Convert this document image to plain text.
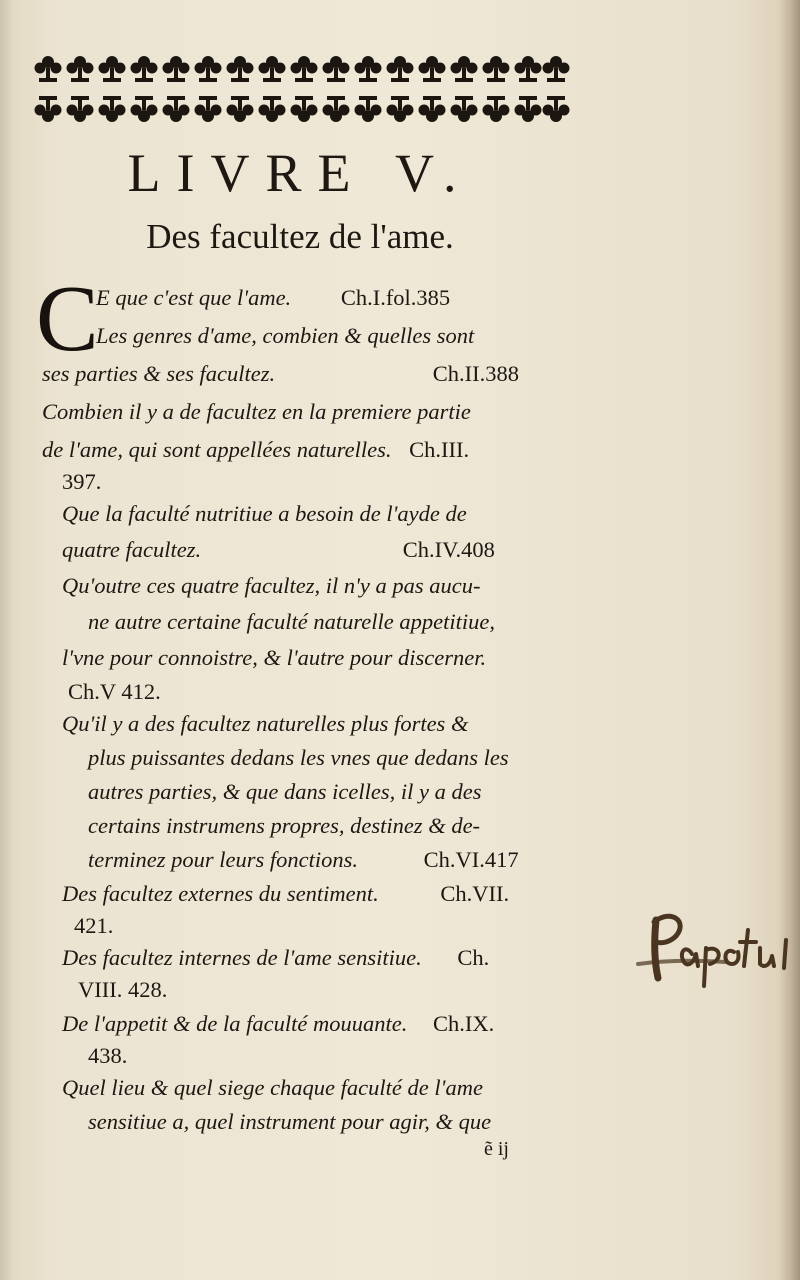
LIVRE V.
Des facultez de l'ame.
C
E que c'est que l'ame. Ch.I.fol.385
Les genres d'ame, combien & quelles sont
ses parties & ses facultez.	Ch.II.388
Combien il y a de facultez en la premiere partie
de l'ame, qui sont appellées naturelles. Ch.III.
397.
Que la faculté nutritiue a besoin de l'ayde de
quatre facultez.	Ch.IV.408
Qu'outre ces quatre facultez, il n'y a pas aucu-
ne autre certaine faculté naturelle appetitiue,
l'vne pour connoistre, & l'autre pour discerner.
Ch.V 412.
Qu'il y a des facultez naturelles plus fortes &
plus puissantes dedans les vnes que dedans les
autres parties, & que dans icelles, il y a des
certains instrumens propres, destinez & de-
terminez pour leurs fonctions.	Ch.VI.417
Des facultez externes du sentiment.	Ch.VII.
421.
Des facultez internes de l'ame sensitiue. Ch.
VIII. 428.
De l'appetit & de la faculté mouuante. Ch.IX.
438.
Quel lieu & quel siege chaque faculté de l'ame
sensitiue a, quel instrument pour agir, & que
ẽ ij
